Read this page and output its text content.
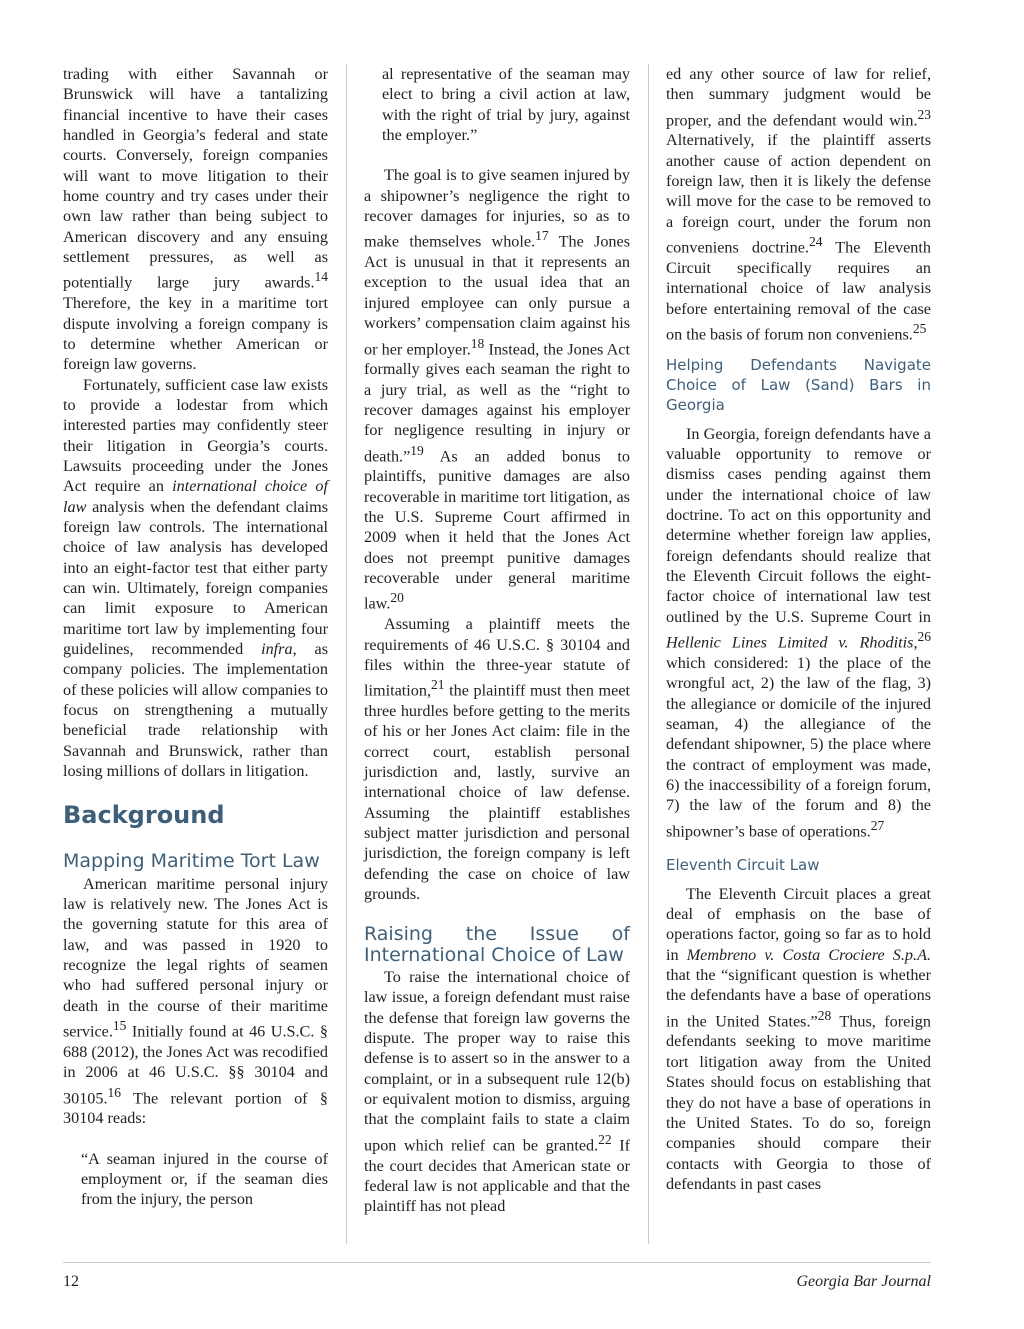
trading with either Savannah or Brunswick will have a tantalizing financial incentive to have their cases handled in Georgia’s federal and state courts. Conversely, foreign companies will want to move litigation to their home country and try cases under their own law rather than being subject to American discovery and any ensuing settlement pressures, as well as potentially large jury awards.$^{14}$ Therefore, the key in a maritime tort dispute involving a foreign company is to determine whether American or foreign law governs.

Fortunately, sufficient case law exists to provide a lodestar from which interested parties may confidently steer their litigation in Georgia’s courts. Lawsuits proceeding under the Jones Act require an international choice of law analysis when the defendant claims foreign law controls. The international choice of law analysis has developed into an eight-factor test that either party can win. Ultimately, foreign companies can limit exposure to American maritime tort law by implementing four guidelines, recommended infra, as company policies. The implementation of these policies will allow companies to focus on strengthening a mutually beneficial trade relationship with Savannah and Brunswick, rather than losing millions of dollars in litigation.

Background
Mapping Maritime Tort Law

American maritime personal injury law is relatively new. The Jones Act is the governing statute for this area of law, and was passed in 1920 to recognize the legal rights of seamen who had suffered personal injury or death in the course of their maritime service.$^{15}$ Initially found at 46 U.S.C. § 688 (2012), the Jones Act was recodified in 2006 at 46 U.S.C. §§ 30104 and 30105.16 The relevant portion of § 30104 reads:

“A seaman injured in the course of employment or, if the seaman dies from the injury, the person

al representative of the seaman may elect to bring a civil action at law, with the right of trial by jury, against the employer.”

The goal is to give seamen injured by a shipowner’s negligence the right to recover damages for injuries, so as to make themselves whole.$^{17}$ The Jones Act is unusual in that it represents an exception to the usual idea that an injured employee can only pursue a workers’ compensation claim against his or her employer.$^{18}$ Instead, the Jones Act formally gives each seaman the right to a jury trial, as well as the “right to recover damages against his employer for negligence resulting in injury or death.”$^{19}$ As an added bonus to plaintiffs, punitive damages are also recoverable in maritime tort litigation, as the U.S. Supreme Court affirmed in 2009 when it held that the Jones Act does not preempt punitive damages recoverable under general maritime law.$^{20}$

Assuming a plaintiff meets the requirements of 46 U.S.C. § 30104 and files within the three-year statute of limitation,$^{21}$ the plaintiff must then meet three hurdles before getting to the merits of his or her Jones Act claim: file in the correct court, establish personal jurisdiction and, lastly, survive an international choice of law defense. Assuming the plaintiff establishes subject matter jurisdiction and personal jurisdiction, the foreign company is left defending the case on choice of law grounds.

Raising the Issue of International Choice of Law

To raise the international choice of law issue, a foreign defendant must raise the defense that foreign law governs the dispute. The proper way to raise this defense is to assert so in the answer to a complaint, or in a subsequent rule 12(b) or equivalent motion to dismiss, arguing that the complaint fails to state a claim upon which relief can be granted.$^{22}$ If the court decides that American state or federal law is not applicable and that the plaintiff has not plead

ed any other source of law for relief, then summary judgment would be proper, and the defendant would win.$^{23}$ Alternatively, if the plaintiff asserts another cause of action dependent on foreign law, then it is likely the defense will move for the case to be removed to a foreign court, under the forum non conveniens doctrine.$^{24}$ The Eleventh Circuit specifically requires an international choice of law analysis before entertaining removal of the case on the basis of forum non conveniens.$^{25}$

Helping Defendants Navigate Choice of Law (Sand) Bars in Georgia

In Georgia, foreign defendants have a valuable opportunity to remove or dismiss cases pending against them under the international choice of law doctrine. To act on this opportunity and determine whether foreign law applies, foreign defendants should realize that the Eleventh Circuit follows the eight-factor choice of international law test outlined by the U.S. Supreme Court in Hellenic Lines Limited v. Rhoditis,$^{26}$ which considered: 1) the place of the wrongful act, 2) the law of the flag, 3) the allegiance or domicile of the injured seaman, 4) the allegiance of the defendant shipowner, 5) the place where the contract of employment was made, 6) the inaccessibility of a foreign forum, 7) the law of the forum and 8) the shipowner’s base of operations.$^{27}$

Eleventh Circuit Law

The Eleventh Circuit places a great deal of emphasis on the base of operations factor, going so far as to hold in Membreno v. Costa Crociere S.p.A. that the “significant question is whether the defendants have a base of operations in the United States.”$^{28}$ Thus, foreign defendants seeking to move maritime tort litigation away from the United States should focus on establishing that they do not have a base of operations in the United States. To do so, foreign companies should compare their contacts with Georgia to those of defendants in past cases

12	Georgia Bar Journal
